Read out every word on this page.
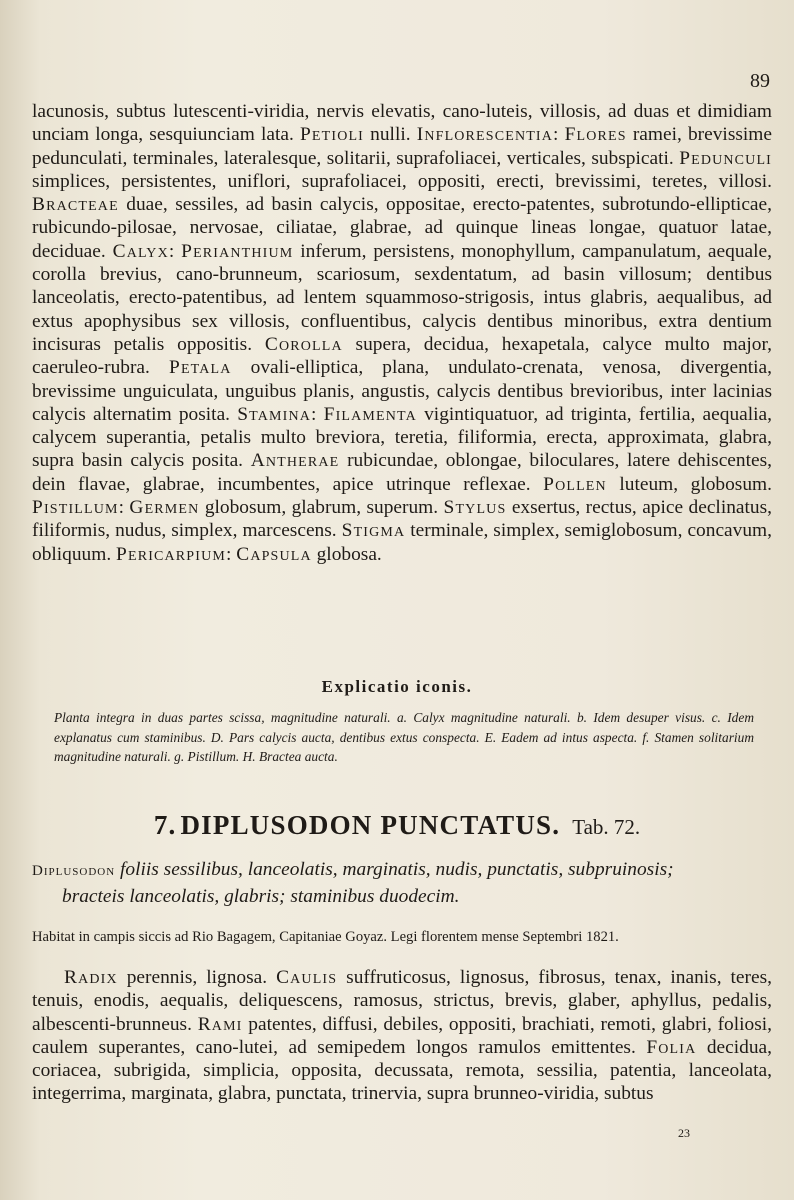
89

lacunosis, subtus lutescenti-viridia, nervis elevatis, cano-luteis, villosis, ad duas et dimidiam unciam longa, sesquiunciam lata. Petioli nulli. Inflorescentia: Flores ramei, brevissime pedunculati, terminales, lateralesque, solitarii, suprafoliacei, verticales, subspicati. Pedunculi simplices, persistentes, uniflori, suprafoliacei, oppositi, erecti, brevissimi, teretes, villosi. Bracteae duae, sessiles, ad basin calycis, oppositae, erecto-patentes, subrotundo-ellipticae, rubicundo-pilosae, nervosae, ciliatae, glabrae, ad quinque lineas longae, quatuor latae, deciduae. Calyx: Perianthium inferum, persistens, monophyllum, campanulatum, aequale, corolla brevius, cano-brunneum, scariosum, sexdentatum, ad basin villosum; dentibus lanceolatis, erecto-patentibus, ad lentem squammoso-strigosis, intus glabris, aequalibus, ad extus apophysibus sex villosis, confluentibus, calycis dentibus minoribus, extra dentium incisuras petalis oppositis. Corolla supera, decidua, hexapetala, calyce multo major, caeruleo-rubra. Petala ovali-elliptica, plana, undulato-crenata, venosa, divergentia, brevissime unguiculata, unguibus planis, angustis, calycis dentibus brevioribus, inter lacinias calycis alternatim posita. Stamina: Filamenta vigintiquatuor, ad triginta, fertilia, aequalia, calycem superantia, petalis multo breviora, teretia, filiformia, erecta, approximata, glabra, supra basin calycis posita. Antherae rubicundae, oblongae, biloculares, latere dehiscentes, dein flavae, glabrae, incumbentes, apice utrinque reflexae. Pollen luteum, globosum. Pistillum: Germen globosum, glabrum, superum. Stylus exsertus, rectus, apice declinatus, filiformis, nudus, simplex, marcescens. Stigma terminale, simplex, semiglobosum, concavum, obliquum. Pericarpium: Capsula globosa.

Explicatio iconis.

Planta integra in duas partes scissa, magnitudine naturali. a. Calyx magnitudine naturali. b. Idem desuper visus. c. Idem explanatus cum staminibus. D. Pars calycis aucta, dentibus extus conspecta. E. Eadem ad intus aspecta. f. Stamen solitarium magnitudine naturali. g. Pistillum. H. Bractea aucta.

7. DIPLUSODON PUNCTATUS. Tab. 72.

Diplusodon foliis sessilibus, lanceolatis, marginatis, nudis, punctatis, subpruinosis;
bracteis lanceolatis, glabris; staminibus duodecim.

Habitat in campis siccis ad Rio Bagagem, Capitaniae Goyaz. Legi florentem mense Septembri 1821.

Radix perennis, lignosa. Caulis suffruticosus, lignosus, fibrosus, tenax, inanis, teres, tenuis, enodis, aequalis, deliquescens, ramosus, strictus, brevis, glaber, aphyllus, pedalis, albescenti-brunneus. Rami patentes, diffusi, debiles, oppositi, brachiati, remoti, glabri, foliosi, caulem superantes, cano-lutei, ad semipedem longos ramulos emittentes. Folia decidua, coriacea, subrigida, simplicia, opposita, decussata, remota, sessilia, patentia, lanceolata, integerrima, marginata, glabra, punctata, trinervia, supra brunneo-viridia, subtus

23
